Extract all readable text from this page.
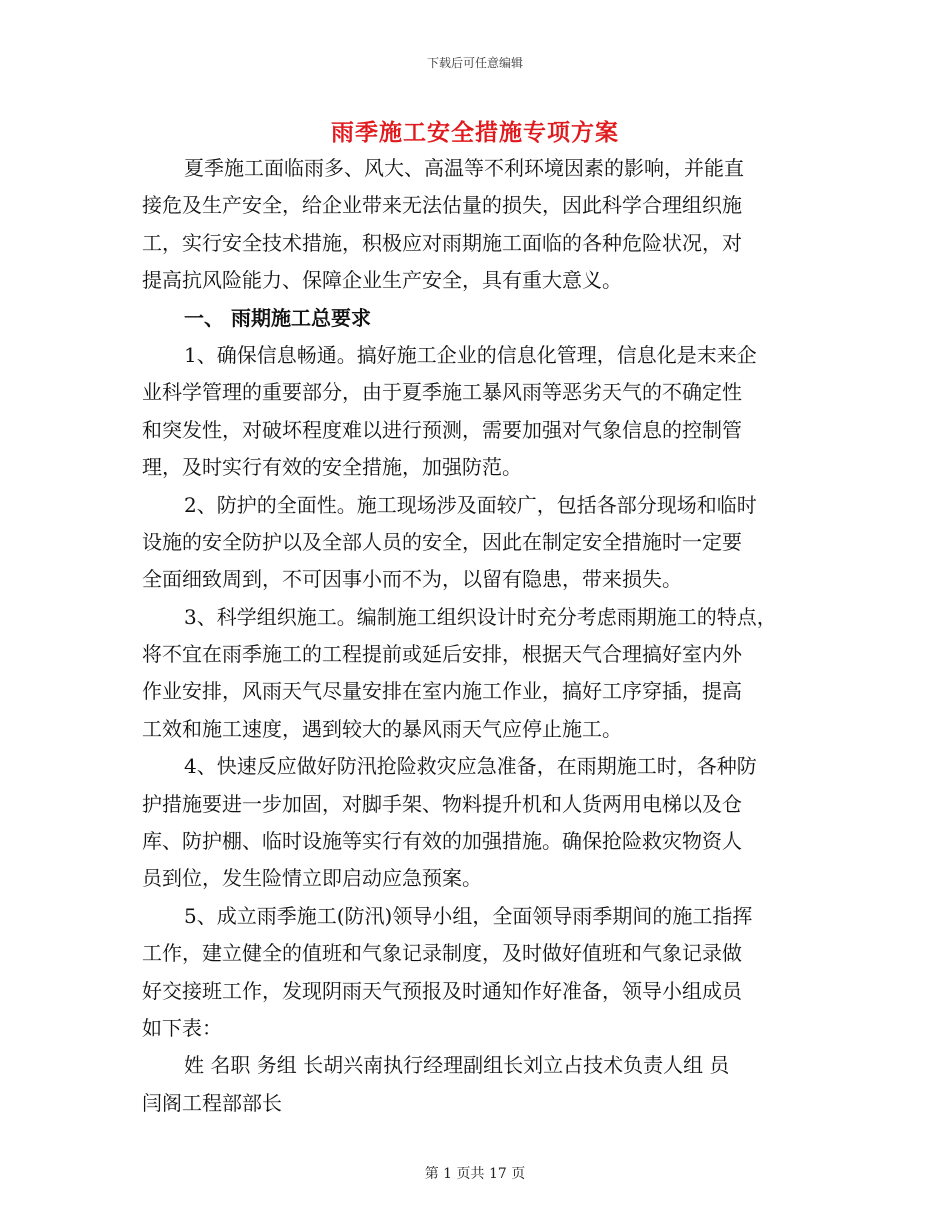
下载后可任意编辑
雨季施工安全措施专项方案
夏季施工面临雨多、风大、高温等不利环境因素的影响，并能直
接危及生产安全，给企业带来无法估量的损失，因此科学合理组织施
工，实行安全技术措施，积极应对雨期施工面临的各种危险状况，对
提高抗风险能力、保障企业生产安全，具有重大意义。
一、 雨期施工总要求
1、确保信息畅通。搞好施工企业的信息化管理，信息化是末来企
业科学管理的重要部分，由于夏季施工暴风雨等恶劣天气的不确定性
和突发性，对破坏程度难以进行预测，需要加强对气象信息的控制管
理，及时实行有效的安全措施，加强防范。
2、防护的全面性。施工现场涉及面较广，包括各部分现场和临时
设施的安全防护以及全部人员的安全，因此在制定安全措施时一定要
全面细致周到，不可因事小而不为，以留有隐患，带来损失。
3、科学组织施工。编制施工组织设计时充分考虑雨期施工的特点，
将不宜在雨季施工的工程提前或延后安排，根据天气合理搞好室内外
作业安排，风雨天气尽量安排在室内施工作业，搞好工序穿插，提高
工效和施工速度，遇到较大的暴风雨天气应停止施工。
4、快速反应做好防汛抢险救灾应急准备，在雨期施工时，各种防
护措施要进一步加固，对脚手架、物料提升机和人货两用电梯以及仓
库、防护棚、临时设施等实行有效的加强措施。确保抢险救灾物资人
员到位，发生险情立即启动应急预案。
5、成立雨季施工(防汛)领导小组，全面领导雨季期间的施工指挥
工作，建立健全的值班和气象记录制度，及时做好值班和气象记录做
好交接班工作，发现阴雨天气预报及时通知作好准备，领导小组成员
如下表：
姓 名职 务组 长胡兴南执行经理副组长刘立占技术负责人组 员
闫阁工程部部长
第 1 页共 17 页
